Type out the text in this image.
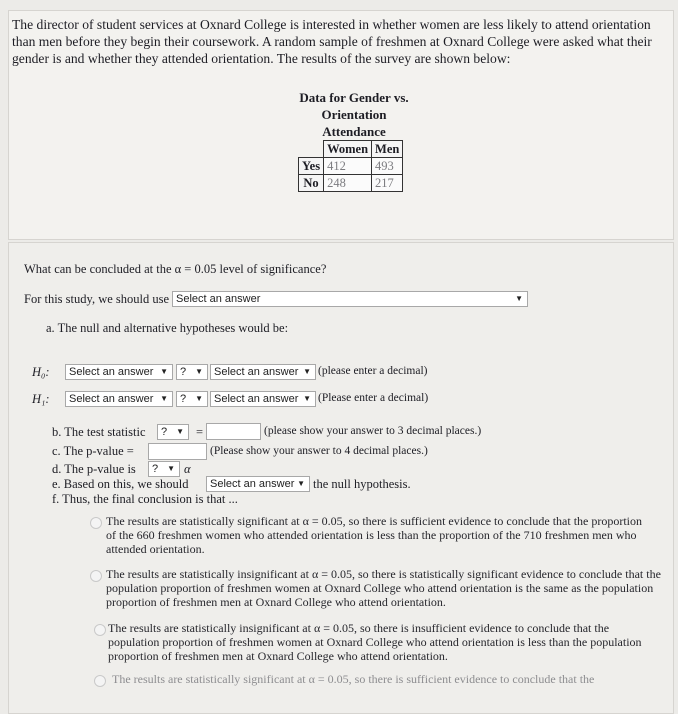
The director of student services at Oxnard College is interested in whether women are less likely to attend orientation than men before they begin their coursework. A random sample of freshmen at Oxnard College were asked what their gender is and whether they attended orientation. The results of the survey are shown below:
Data for Gender vs. Orientation Attendance
	Women	Men
Yes	412	493
No	248	217
What can be concluded at the α = 0.05 level of significance?
For this study, we should use Select an answer	▼
a. The null and alternative hypotheses would be:
H₀:	Select an answer ▼	? ▼	Select an answer ▼ (please enter a decimal)
H₁:	Select an answer ▼	? ▼	Select an answer ▼ (Please enter a decimal)
b. The test statistic	? ▼ =	(please show your answer to 3 decimal places.)
c. The p-value =	(Please show your answer to 4 decimal places.)
d. The p-value is	? ▼ α
e. Based on this, we should	Select an answer ▼ the null hypothesis.
f. Thus, the final conclusion is that ...
The results are statistically significant at α = 0.05, so there is sufficient evidence to conclude that the proportion of the 660 freshmen women who attended orientation is less than the proportion of the 710 freshmen men who attended orientation.
The results are statistically insignificant at α = 0.05, so there is statistically significant evidence to conclude that the population proportion of freshmen women at Oxnard College who attend orientation is the same as the population proportion of freshmen men at Oxnard College who attend orientation.
The results are statistically insignificant at α = 0.05, so there is insufficient evidence to conclude that the population proportion of freshmen women at Oxnard College who attend orientation is less than the population proportion of freshmen men at Oxnard College who attend orientation.
The results are statistically significant at α = 0.05, so there is sufficient evidence to conclude that the
